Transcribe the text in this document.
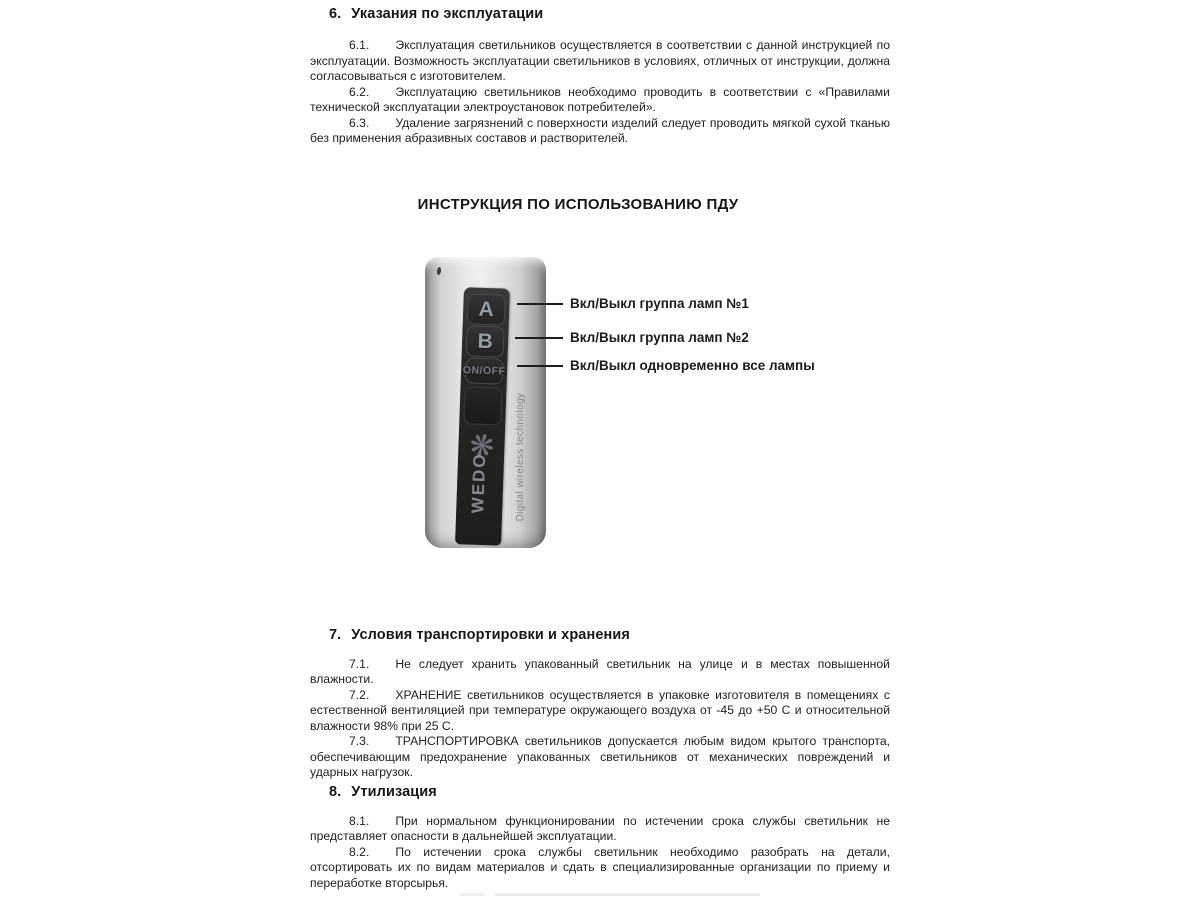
6. Указания по эксплуатации
6.1. Эксплуатация светильников осуществляется в соответствии с данной инструкцией по
эксплуатации. Возможность эксплуатации светильников в условиях, отличных от инструкции, должна
согласовываться с изготовителем.
6.2. Эксплуатацию светильников необходимо проводить в соответствии с «Правилами
технической эксплуатации электроустановок потребителей».
6.3. Удаление загрязнений с поверхности изделий следует проводить мягкой сухой тканью
без применения абразивных составов и растворителей.
ИНСТРУКЦИЯ ПО ИСПОЛЬЗОВАНИЮ ПДУ
A
B
ON/OFF
❋
WEDO	Digital wireless technology
Вкл/Выкл группа ламп №1
Вкл/Выкл группа ламп №2
Вкл/Выкл одновременно все лампы
7. Условия транспортировки и хранения
7.1. Не следует хранить упакованный светильник на улице и в местах повышенной
влажности.
7.2. ХРАНЕНИЕ светильников осуществляется в упаковке изготовителя в помещениях с
естественной вентиляцией при температуре окружающего воздуха от -45 до +50 С и относительной
влажности 98% при 25 С.
7.3. ТРАНСПОРТИРОВКА светильников допускается любым видом крытого транспорта,
обеспечивающим предохранение упакованных светильников от механических повреждений и
ударных нагрузок.
8. Утилизация
8.1. При нормальном функционировании по истечении срока службы светильник не
представляет опасности в дальнейшей эксплуатации.
8.2. По истечении срока службы светильник необходимо разобрать на детали,
отсортировать их по видам материалов и сдать в специализированные организации по приему и
переработке вторсырья.
